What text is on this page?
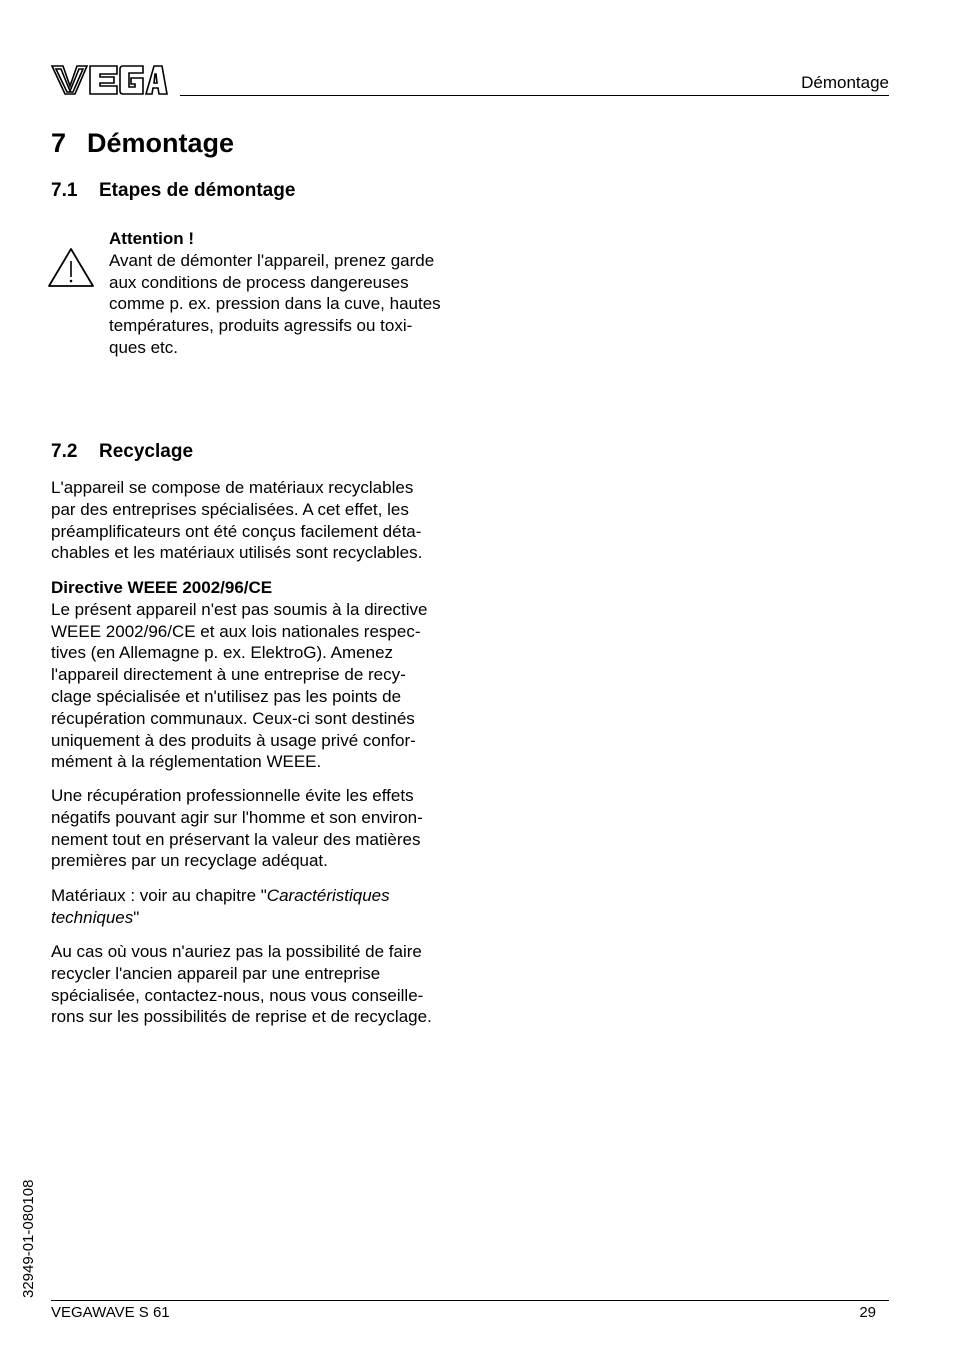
VEGA
Démontage
7 Démontage
7.1 Etapes de démontage
Attention !
Avant de démonter l'appareil, prenez garde
aux conditions de process dangereuses
comme p. ex. pression dans la cuve, hautes
températures, produits agressifs ou toxi-
ques etc.
7.2 Recyclage
L'appareil se compose de matériaux recyclables
par des entreprises spécialisées. A cet effet, les
préamplificateurs ont été conçus facilement déta-
chables et les matériaux utilisés sont recyclables.
Directive WEEE 2002/96/CE
Le présent appareil n'est pas soumis à la directive
WEEE 2002/96/CE et aux lois nationales respec-
tives (en Allemagne p. ex. ElektroG). Amenez
l'appareil directement à une entreprise de recy-
clage spécialisée et n'utilisez pas les points de
récupération communaux. Ceux-ci sont destinés
uniquement à des produits à usage privé confor-
mément à la réglementation WEEE.
Une récupération professionnelle évite les effets
négatifs pouvant agir sur l'homme et son environ-
nement tout en préservant la valeur des matières
premières par un recyclage adéquat.
Matériaux : voir au chapitre "Caractéristiques
techniques"
Au cas où vous n'auriez pas la possibilité de faire
recycler l'ancien appareil par une entreprise
spécialisée, contactez-nous, nous vous conseille-
rons sur les possibilités de reprise et de recyclage.
32949-01-080108
VEGAWAVE S 61	29
